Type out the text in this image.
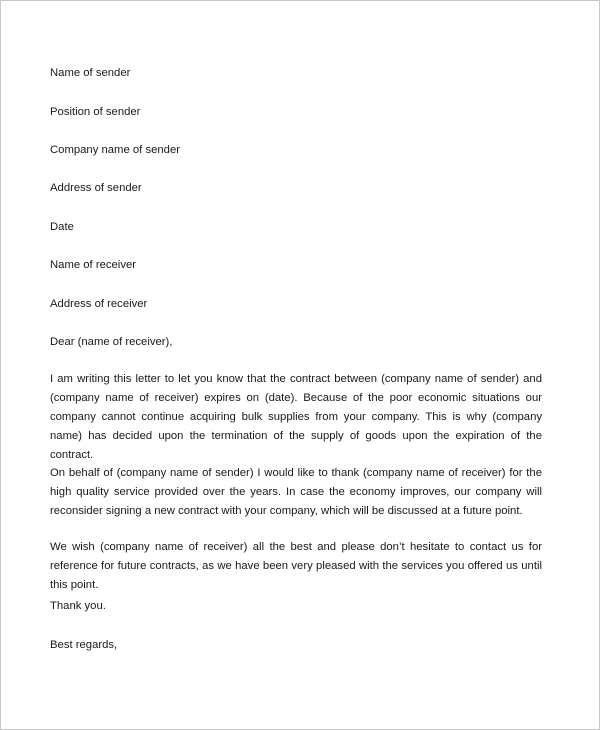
Name of sender
Position of sender
Company name of sender
Address of sender
Date
Name of receiver
Address of receiver
Dear (name of receiver),

I am writing this letter to let you know that the contract between (company name of sender) and (company name of receiver) expires on (date). Because of the poor economic situations our company cannot continue acquiring bulk supplies from your company. This is why (company name) has decided upon the termination of the supply of goods upon the expiration of the contract.

On behalf of (company name of sender) I would like to thank (company name of receiver) for the high quality service provided over the years. In case the economy improves, our company will reconsider signing a new contract with your company, which will be discussed at a future point.

We wish (company name of receiver) all the best and please don’t hesitate to contact us for reference for future contracts, as we have been very pleased with the services you offered us until this point.

Thank you.
Best regards,
